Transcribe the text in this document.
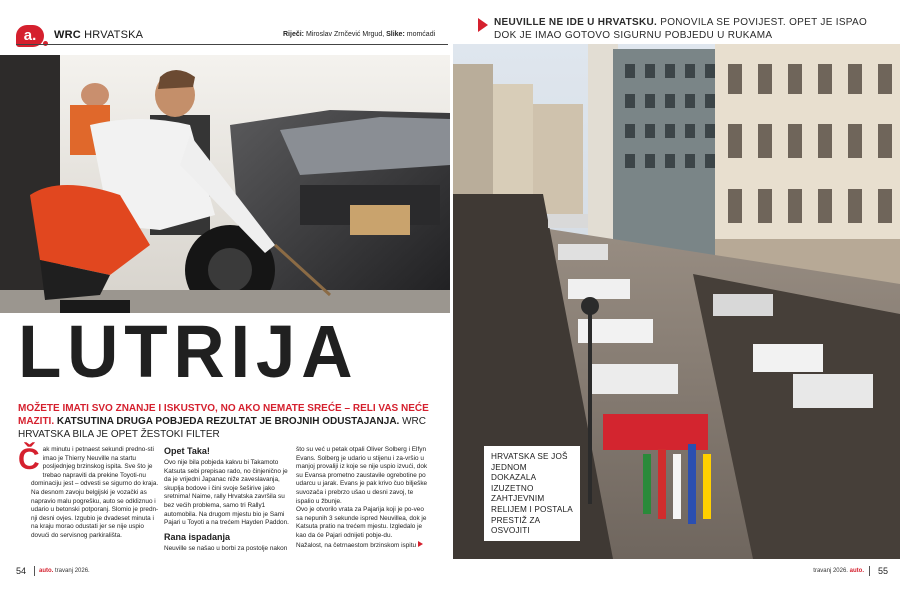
a.	WRC HRVATSKA	Riječi: Miroslav Zrnčević Mrgud, Slike: momćadi
NEUVILLE NE IDE U HRVATSKU. PONOVILA SE POVIJEST. OPET JE ISPAO DOK JE IMAO GOTOVO SIGURNU POBJEDU U RUKAMA
LUTRIJA
MOŽETE IMATI SVO ZNANJE I ISKUSTVO, NO AKO NEMATE SREĆE – RELI VAS NEĆE MAZITI. KATSUTINA DRUGA POBJEDA REZULTAT JE BROJNIH ODUSTAJANJA. WRC HRVATSKA BILA JE OPET ŽESTOKI FILTER

Č ak minutu i petnaest sekundi predno-sti imao je Thierry Neuville na startu posljednjeg brzinskog ispita. Sve što je trebao napraviti da prekine Toyoti-nu dominaciju jest – odvesti se sigurno do kraja.

Na desnom zavoju belgijski je vozački as napravio malu pogrešku, auto se odkliznuo i udario u betonski potporanj. Slomio je predn-nji desni ovjes. Izgubio je dvadeset minuta i na kraju morao odustati jer se nije uspio dovući do servisnog parkirališta.

Opet Taka!

Ovo nije bila pobjeda kakvu bi Takamoto Katsuta sebi prepisao rado, no činjenično je da je vrijedni Japanac niže zaveslavanja, skuplja bodove i čini svoje šeširive jako sretnima! Naime, rally Hrvatska završila su bez većih problema, samo tri Rally1 automobila. Na drugom mjestu bio je Sami Pajari u Toyoti a na trećem Hayden Paddon.

Rana ispadanja

Neuville se našao u borbi za postolje nakon

što su već u petak otpali Oliver Solberg i Elfyn Evans. Solberg je udario u stijenu i za-vršio u manjoj provaliji iz koje se nije uspio izvući, dok su Evansa prometno zaustavile ogrebotine po udarcu u jarak. Evans je pak krivo čuo bilješke suvozača i prebrzo ušao u desni zavoj, te ispalio u žbunje.

Ovo je otvorilo vrata za Pajarija koji je po-veo sa nepunih 3 sekunde ispred Neuvillea, dok je Katsuta pratio na trećem mjestu. Izgledalo je kao da će Pajari odnijeti pobje-du.

Nažalost, na četrnaestom brzinskom ispitu

HRVATSKA SE JOŠ JEDNOM DOKAZALA IZUZETNO ZAHTJEVNIM RELIJEM I POSTALA PRESTIŽ ZA OSVOJITI
54 auto. travanj 2026.	travanj 2026. auto. 55
